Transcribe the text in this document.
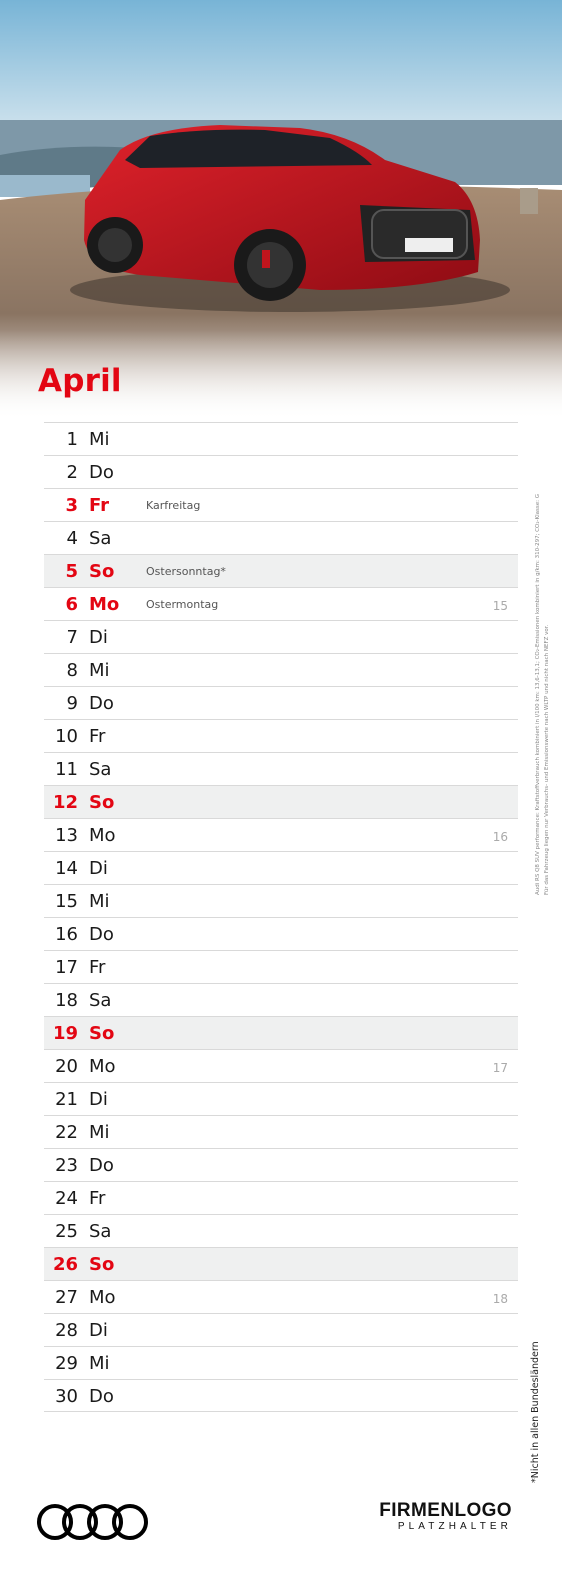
April
1 Mi
2 Do
3 Fr	Karfreitag
4 Sa
5 So	Ostersonntag*
6 Mo Ostermontag	15
7 Di
8 Mi
9 Do
10 Fr
11 Sa
12 So
13 Mo	16
14 Di
15 Mi
16 Do
17 Fr
18 Sa
19 So
20 Mo	17
21 Di
22 Mi
23 Do
24 Fr
25 Sa
26 So
27 Mo	18
28 Di
29 Mi
30 Do
Audi RS Q8 SUV performance: Kraftstoffverbrauch kombiniert in l/100 km: 13,6-13,1; CO₂-Emissionen kombiniert in g/km: 310-297; CO₂-Klasse: G Für das Fahrzeug liegen nur Verbrauchs- und Emissionswerte nach WLTP und nicht nach NEFZ vor.
*Nicht in allen Bundesländern
FIRMENLOGO
PLATZHALTER
